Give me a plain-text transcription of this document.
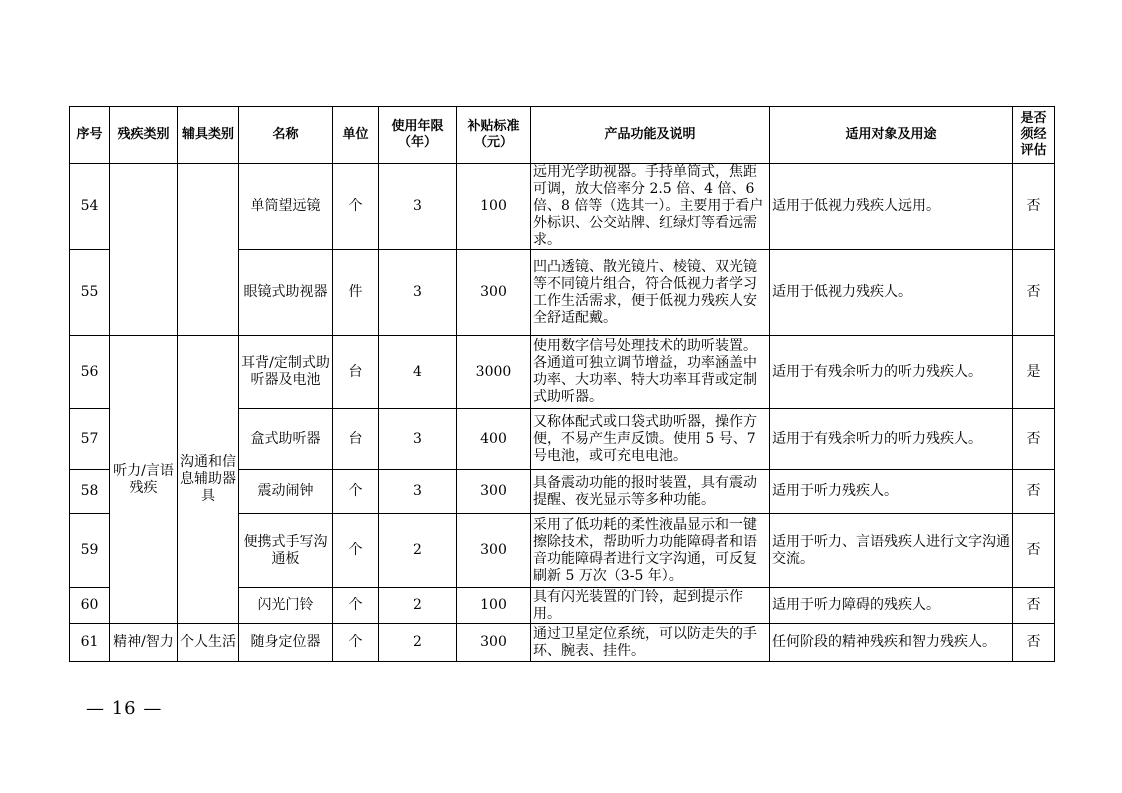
序号	残疾类别	辅具类别	名称	单位	使用年限（年）	补贴标准（元）	产品功能及说明	适用对象及用途	是否须经评估
54			单筒望远镜	个	3	100	远用光学助视器。手持单筒式，焦距可调，放大倍率分 2.5 倍、4 倍、6 倍、8 倍等（选其一）。主要用于看户外标识、公交站牌、红绿灯等看远需求。	适用于低视力残疾人远用。	否
55			眼镜式助视器	件	3	300	凹凸透镜、散光镜片、棱镜、双光镜等不同镜片组合，符合低视力者学习工作生活需求，便于低视力残疾人安全舒适配戴。	适用于低视力残疾人。	否
56	听力/言语残疾	沟通和信息辅助器具	耳背/定制式助听器及电池	台	4	3000	使用数字信号处理技术的助听装置。各通道可独立调节增益，功率涵盖中功率、大功率、特大功率耳背或定制式助听器。	适用于有残余听力的听力残疾人。	是
57			盒式助听器	台	3	400	又称体配式或口袋式助听器，操作方便，不易产生声反馈。使用 5 号、7 号电池，或可充电电池。	适用于有残余听力的听力残疾人。	否
58			震动闹钟	个	3	300	具备震动功能的报时装置，具有震动提醒、夜光显示等多种功能。	适用于听力残疾人。	否
59			便携式手写沟通板	个	2	300	采用了低功耗的柔性液晶显示和一键擦除技术，帮助听力功能障碍者和语音功能障碍者进行文字沟通，可反复刷新 5 万次（3-5 年）。	适用于听力、言语残疾人进行文字沟通交流。	否
60			闪光门铃	个	2	100	具有闪光装置的门铃，起到提示作用。	适用于听力障碍的残疾人。	否
61	精神/智力	个人生活	随身定位器	个	2	300	通过卫星定位系统，可以防走失的手环、腕表、挂件。	任何阶段的精神残疾和智力残疾人。	否
— 16 —
